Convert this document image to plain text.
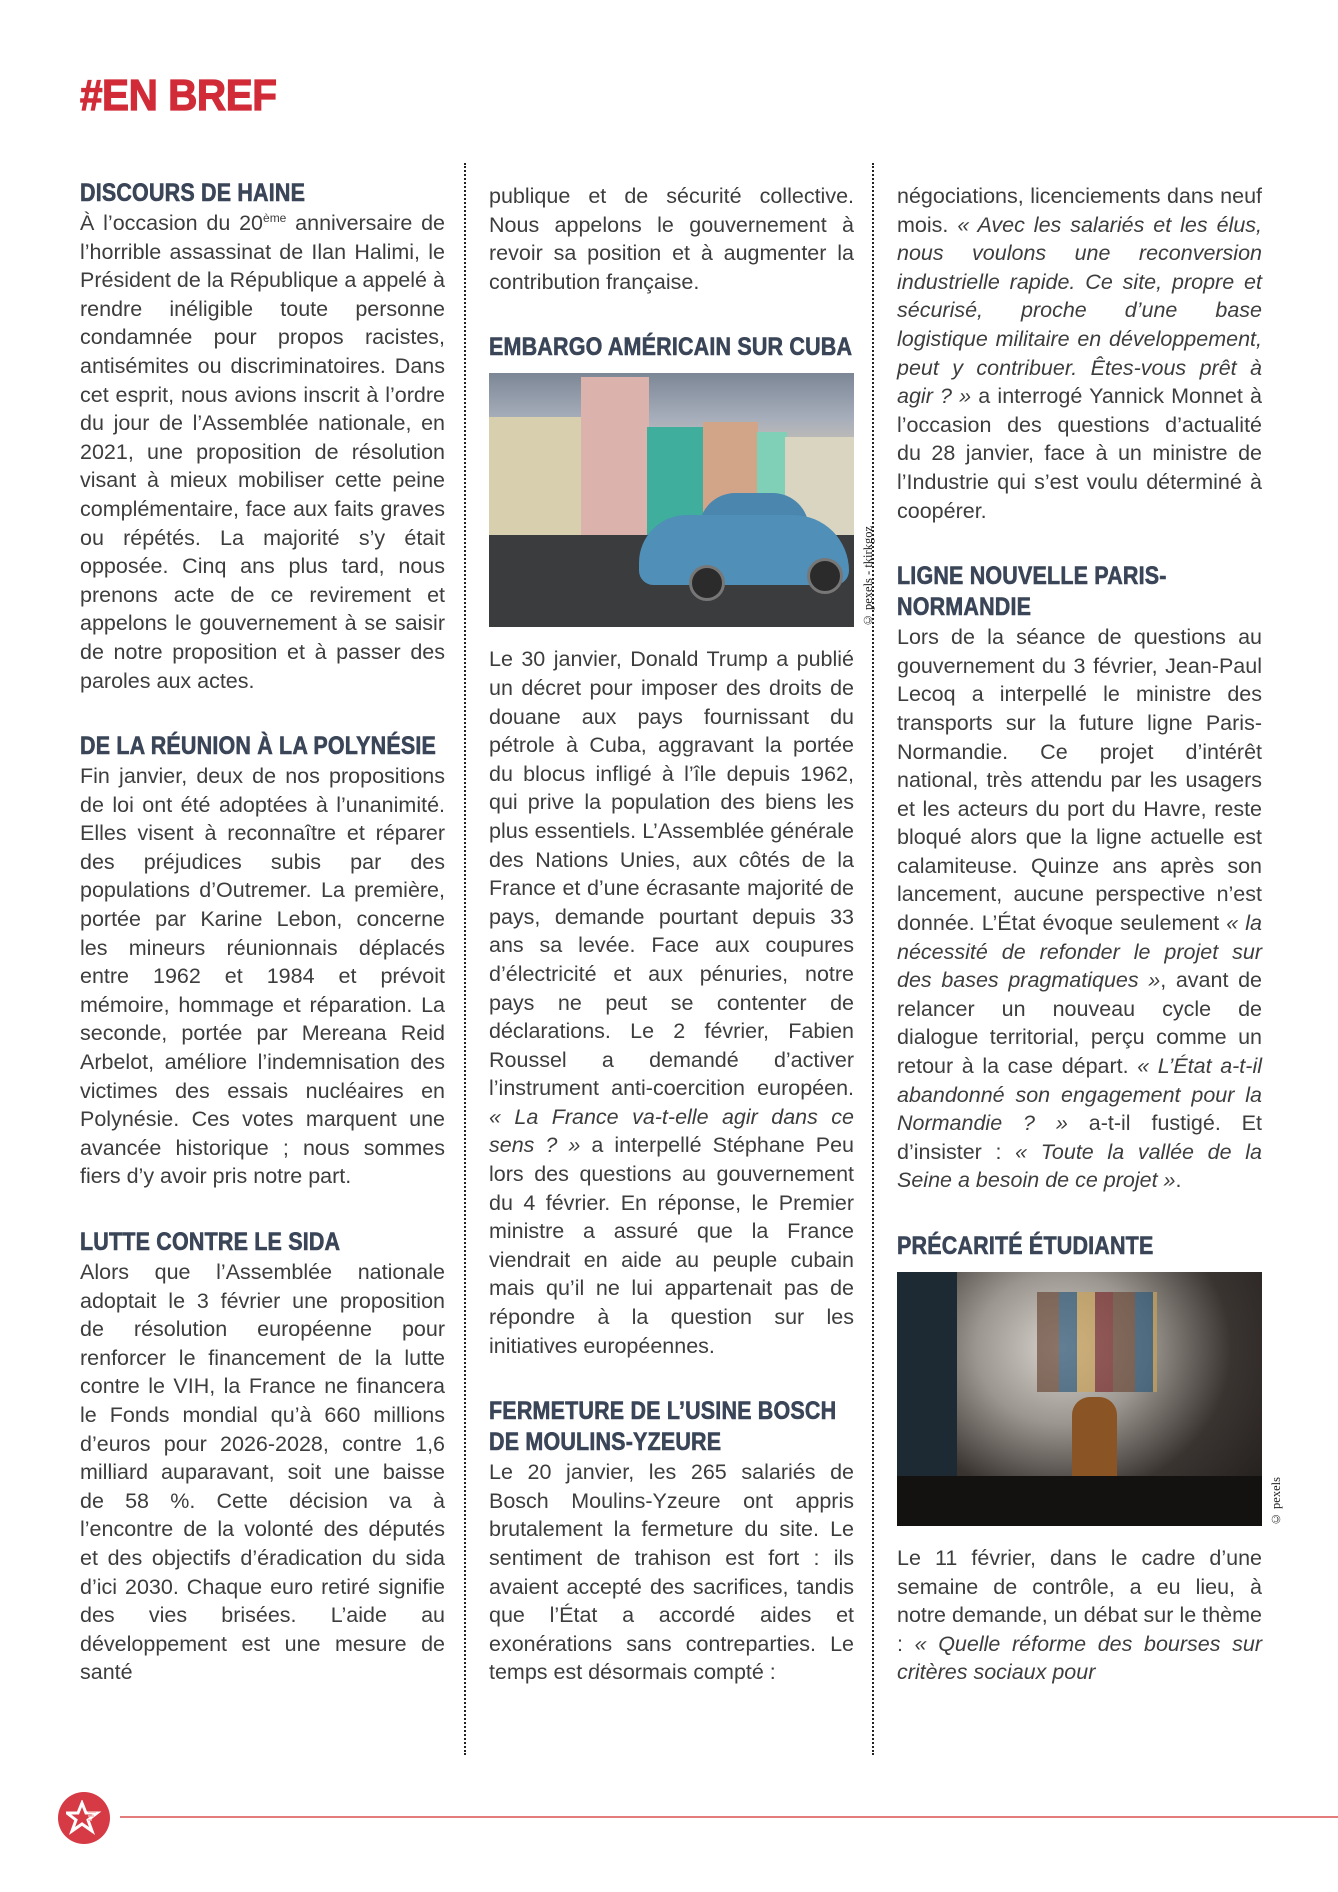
#EN BREF
DISCOURS DE HAINE

À l’occasion du 20ème anniversaire de l’horrible assassinat de Ilan Halimi, le Président de la République a appelé à rendre inéligible toute personne condamnée pour propos racistes, antisémites ou discriminatoires. Dans cet esprit, nous avions inscrit à l’ordre du jour de l’Assemblée nationale, en 2021, une proposition de résolution visant à mieux mobiliser cette peine complémentaire, face aux faits graves ou répétés. La majorité s’y était opposée. Cinq ans plus tard, nous prenons acte de ce revirement et appelons le gouvernement à se saisir de notre proposition et à passer des paroles aux actes.

DE LA RÉUNION À LA POLYNÉSIE

Fin janvier, deux de nos propositions de loi ont été adoptées à l’unanimité. Elles visent à reconnaître et réparer des préjudices subis par des populations d’Outremer. La première, portée par Karine Lebon, concerne les mineurs réunionnais déplacés entre 1962 et 1984 et prévoit mémoire, hommage et réparation. La seconde, portée par Mereana Reid Arbelot, améliore l’indemnisation des victimes des essais nucléaires en Polynésie. Ces votes marquent une avancée historique ; nous sommes fiers d’y avoir pris notre part.

LUTTE CONTRE LE SIDA

Alors que l’Assemblée nationale adoptait le 3 février une proposition de résolution européenne pour renforcer le financement de la lutte contre le VIH, la France ne financera le Fonds mondial qu’à 660 millions d’euros pour 2026-2028, contre 1,6 milliard auparavant, soit une baisse de 58 %. Cette décision va à l’encontre de la volonté des députés et des objectifs d’éradication du sida d’ici 2030. Chaque euro retiré signifie des vies brisées. L’aide au développement est une mesure de santé

publique et de sécurité collective. Nous appelons le gouvernement à revoir sa position et à augmenter la contribution française.

EMBARGO AMÉRICAIN SUR CUBA
© pexels - tkirkgoz

Le 30 janvier, Donald Trump a publié un décret pour imposer des droits de douane aux pays fournissant du pétrole à Cuba, aggravant la portée du blocus infligé à l’île depuis 1962, qui prive la population des biens les plus essentiels. L’Assemblée générale des Nations Unies, aux côtés de la France et d’une écrasante majorité de pays, demande pourtant depuis 33 ans sa levée. Face aux coupures d’électricité et aux pénuries, notre pays ne peut se contenter de déclarations. Le 2 février, Fabien Roussel a demandé d’activer l’instrument anti-coercition européen. « La France va-t-elle agir dans ce sens ? » a interpellé Stéphane Peu lors des questions au gouvernement du 4 février. En réponse, le Premier ministre a assuré que la France viendrait en aide au peuple cubain mais qu’il ne lui appartenait pas de répondre à la question sur les initiatives européennes.

FERMETURE DE L’USINE BOSCH DE MOULINS-YZEURE

Le 20 janvier, les 265 salariés de Bosch Moulins-Yzeure ont appris brutalement la fermeture du site. Le sentiment de trahison est fort : ils avaient accepté des sacrifices, tandis que l’État a accordé aides et exonérations sans contreparties. Le temps est désormais compté :

négociations, licenciements dans neuf mois. « Avec les salariés et les élus, nous voulons une reconversion industrielle rapide. Ce site, propre et sécurisé, proche d’une base logistique militaire en développement, peut y contribuer. Êtes-vous prêt à agir ? » a interrogé Yannick Monnet à l’occasion des questions d’actualité du 28 janvier, face à un ministre de l’Industrie qui s’est voulu déterminé à coopérer.

LIGNE NOUVELLE PARIS-NORMANDIE

Lors de la séance de questions au gouvernement du 3 février, Jean-Paul Lecoq a interpellé le ministre des transports sur la future ligne Paris-Normandie. Ce projet d’intérêt national, très attendu par les usagers et les acteurs du port du Havre, reste bloqué alors que la ligne actuelle est calamiteuse. Quinze ans après son lancement, aucune perspective n’est donnée. L’État évoque seulement « la nécessité de refonder le projet sur des bases pragmatiques », avant de relancer un nouveau cycle de dialogue territorial, perçu comme un retour à la case départ. « L’État a-t-il abandonné son engagement pour la Normandie ? » a-t-il fustigé. Et d’insister : « Toute la vallée de la Seine a besoin de ce projet ».

PRÉCARITÉ ÉTUDIANTE
© pexels

Le 11 février, dans le cadre d’une semaine de contrôle, a eu lieu, à notre demande, un débat sur le thème : « Quelle réforme des bourses sur critères sociaux pour
